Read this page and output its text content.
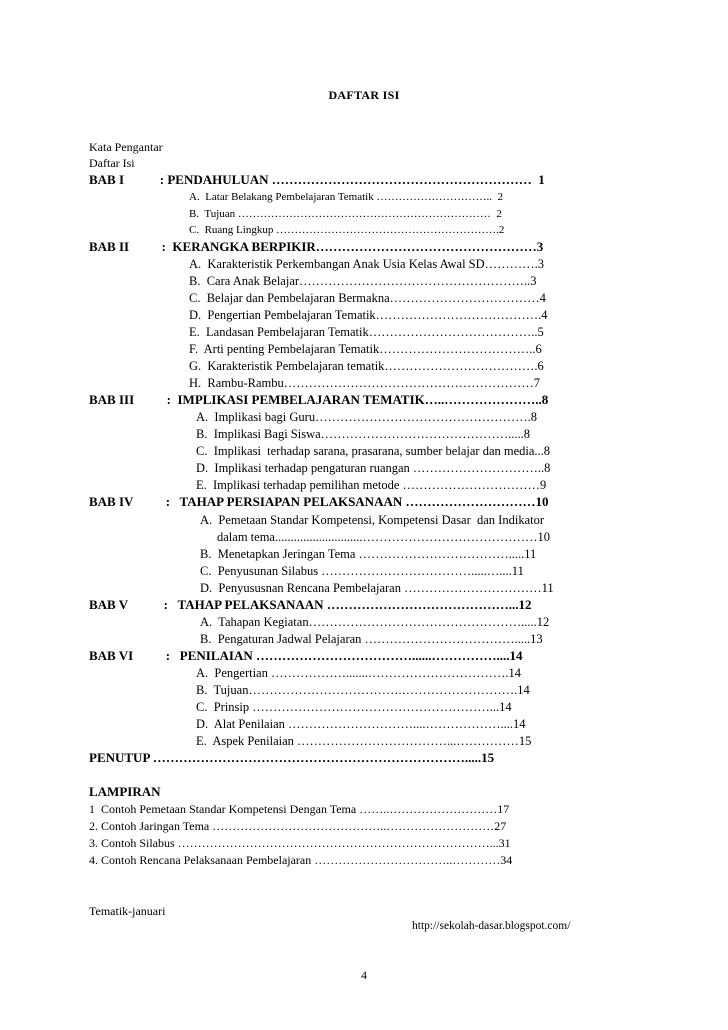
DAFTAR ISI
Kata Pengantar
Daftar Isi
BAB I           : PENDAHULUAN ……………………………………………………  1
A.  Latar Belakang Pembelajaran Tematik …………………………..  2
B.  Tujuan ……………………………………………………………  2
C.  Ruang Lingkup …………………………………………………….2
BAB II          :  KERANGKA BERPIKIR……………………………………………3
A.  Karakteristik Perkembangan Anak Usia Kelas Awal SD………….3
B.  Cara Anak Belajar………………………………………………..3
C.  Belajar dan Pembelajaran Bermakna………………………………4
D.  Pengertian Pembelajaran Tematik………………………………….4
E.  Landasan Pembelajaran Tematik…………………………………..5
F.  Arti penting Pembelajaran Tematik………………………………..6
G.  Karakteristik Pembelajaran tematik……………………………….6
H.  Rambu-Rambu……………………………………………………7
BAB III          :  IMPLIKASI PEMBELAJARAN TEMATIK…..…………………..8
A.  Implikasi bagi Guru…………………………………………….8
B.  Implikasi Bagi Siswa……………………………………….....8
C.  Implikasi  terhadap sarana, prasarana, sumber belajar dan media...8
D.  Implikasi terhadap pengaturan ruangan …………………………..8
E.  Implikasi terhadap pemilihan metode ……………………………9
BAB IV          :   TAHAP PERSIAPAN PELAKSANAAN …………………………10
A.  Pemetaan Standar Kompetensi, Kompetensi Dasar  dan Indikator
dalam tema............................……………………………………10
B.  Menetapkan Jeringan Tema ……………………………….....11
C.  Penyusunan Silabus ……………………………….....…....11
D.  Penyususnan Rencana Pembelajaran ……………………………11
BAB V           :   TAHAP PELAKSANAAN ……………………………………...12
A.  Tahapan Kegiatan…………………………………………….....12
B.  Pengaturan Jadwal Pelajaran ……………………………….....13
BAB VI          :   PENILAIAN ………………………………......……………....14
A.  Pengertian ……………….......…………………………….14
B.  Tujuan……………………………….……………………….14
C.  Prinsip …………………………………………………...14
D.  Alat Penilaian …………………………....………………....14
E.  Aspek Penilaian ………………………………...……………15
PENUTUP ……………………………………………………………….....15
LAMPIRAN
1  Contoh Pemetaan Standar Kompetensi Dengan Tema ……..………………………17
2. Contoh Jaringan Tema ……………………………………..………………………27
3. Contoh Silabus ……………………………………………………………………...31
4. Contoh Rencana Pelaksanaan Pembelajaran ……………………………..…………34
Tematik-januari
http://sekolah-dasar.blogspot.com/
4
